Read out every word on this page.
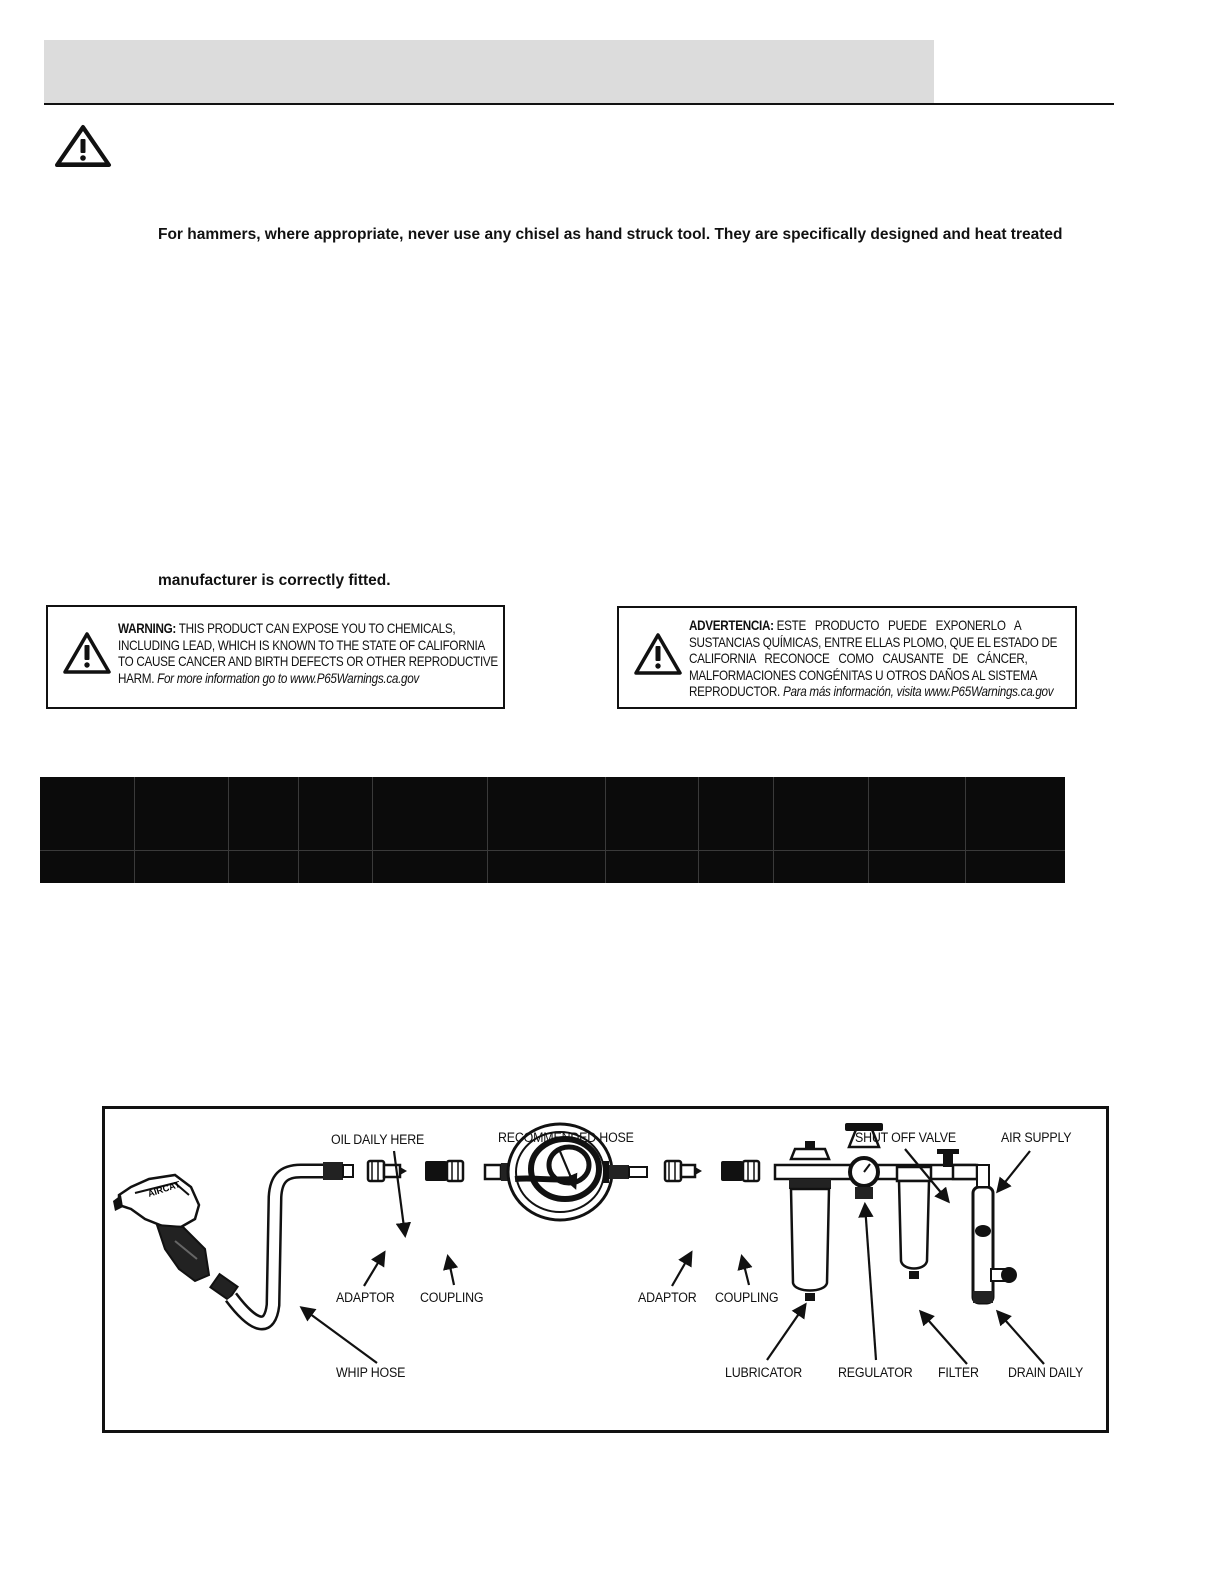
For hammers, where appropriate, never use any chisel as hand struck tool. They are specifically designed and heat treated
manufacturer is correctly fitted.
WARNING: THIS PRODUCT CAN EXPOSE YOU TO CHEMICALS,
INCLUDING LEAD, WHICH IS KNOWN TO THE STATE OF CALIFORNIA
TO CAUSE CANCER AND BIRTH DEFECTS OR OTHER REPRODUCTIVE
HARM. For more information go to www.P65Warnings.ca.gov
ADVERTENCIA: ESTE   PRODUCTO   PUEDE   EXPONERLO   A
SUSTANCIAS QUÍMICAS, ENTRE ELLAS PLOMO, QUE EL ESTADO DE
CALIFORNIA   RECONOCE   COMO   CAUSANTE   DE   CÁNCER,
MALFORMACIONES CONGÉNITAS U OTROS DAÑOS AL SISTEMA
REPRODUCTOR. Para más información, visita www.P65Warnings.ca.gov

AIRCAT
OIL DAILY HERE	RECOMMENDED HOSE	SHUT OFF VALVE	AIR SUPPLY
ADAPTOR COUPLING	ADAPTOR COUPLING
WHIP HOSE	LUBRICATOR	REGULATOR FILTER DRAIN DAILY
